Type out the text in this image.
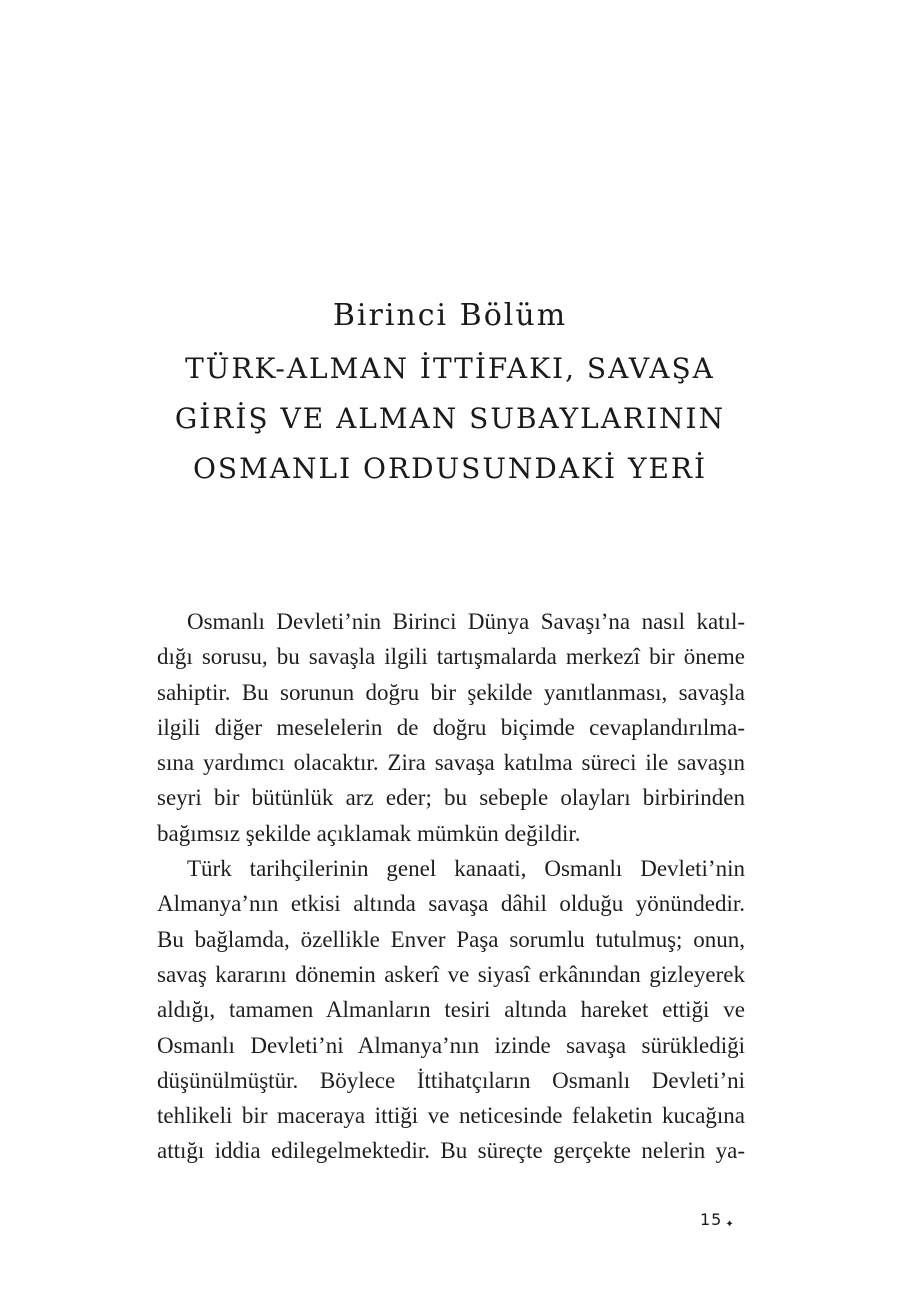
Birinci Bölüm
TÜRK-ALMAN İTTİFAKI, SAVAŞA
GİRİŞ VE ALMAN SUBAYLARININ
OSMANLI ORDUSUNDAKİ YERİ
Osmanlı Devleti’nin Birinci Dünya Savaşı’na nasıl katıl-
dığı sorusu, bu savaşla ilgili tartışmalarda merkezî bir öneme
sahiptir. Bu sorunun doğru bir şekilde yanıtlanması, savaşla
ilgili diğer meselelerin de doğru biçimde cevaplandırılma-
sına yardımcı olacaktır. Zira savaşa katılma süreci ile savaşın
seyri bir bütünlük arz eder; bu sebeple olayları birbirinden
bağımsız şekilde açıklamak mümkün değildir.
Türk tarihçilerinin genel kanaati, Osmanlı Devleti’nin
Almanya’nın etkisi altında savaşa dâhil olduğu yönündedir.
Bu bağlamda, özellikle Enver Paşa sorumlu tutulmuş; onun,
savaş kararını dönemin askerî ve siyasî erkânından gizleyerek
aldığı, tamamen Almanların tesiri altında hareket ettiği ve
Osmanlı Devleti’ni Almanya’nın izinde savaşa sürüklediği
düşünülmüştür. Böylece İttihatçıların Osmanlı Devleti’ni
tehlikeli bir maceraya ittiği ve neticesinde felaketin kucağına
attığı iddia edilegelmektedir. Bu süreçte gerçekte nelerin ya-
15 ✦
